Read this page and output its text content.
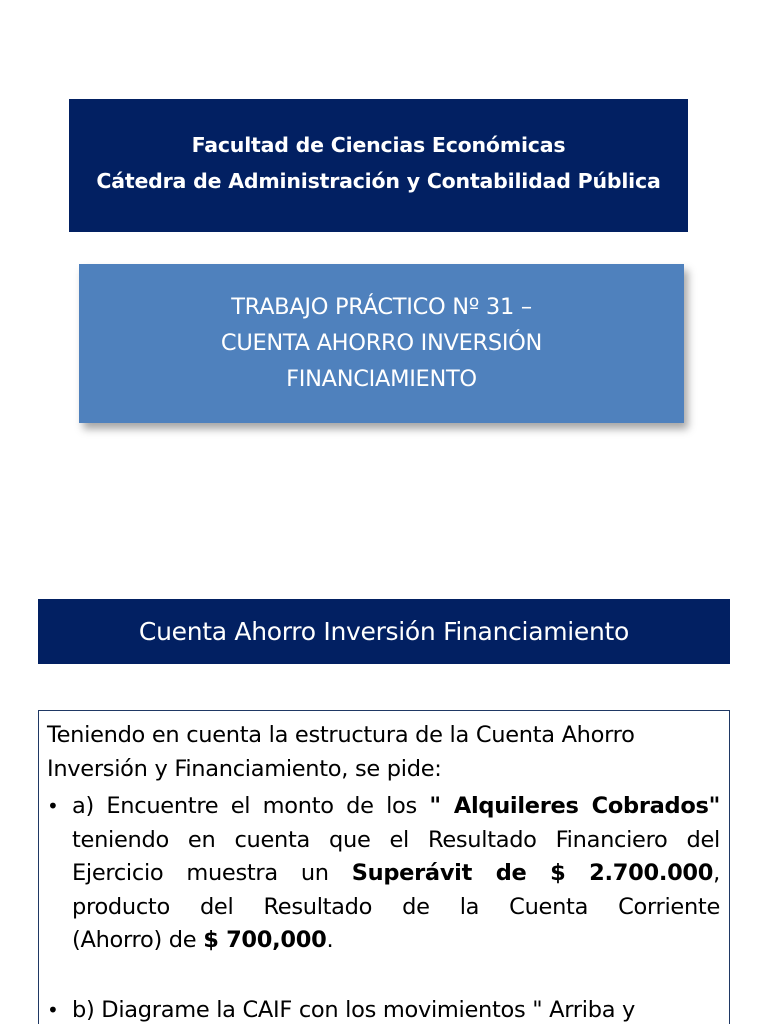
Facultad de Ciencias Económicas
Cátedra de Administración y Contabilidad Pública
TRABAJO PRÁCTICO Nº 31 –
CUENTA AHORRO INVERSIÓN
FINANCIAMIENTO
Cuenta Ahorro Inversión Financiamiento

Teniendo en cuenta la estructura de la Cuenta Ahorro

Inversión y Financiamiento, se pide:

• a) Encuentre el monto de los " Alquileres Cobrados"
teniendo en cuenta que el Resultado Financiero del
Ejercicio muestra un Superávit de $ 2.700.000,
producto del Resultado de la Cuenta Corriente
(Ahorro) de $ 700,000.
• b) Diagrame la CAIF con los movimientos " Arriba y
